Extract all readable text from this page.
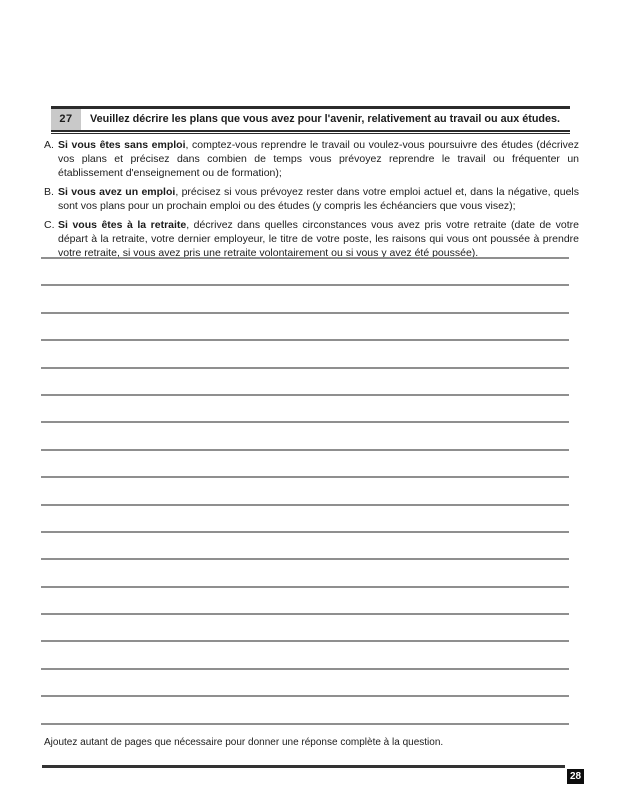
27	Veuillez décrire les plans que vous avez pour l'avenir, relativement au travail ou aux études.
A. Si vous êtes sans emploi, comptez-vous reprendre le travail ou voulez-vous poursuivre des études (décrivez vos plans et précisez dans combien de temps vous prévoyez reprendre le travail ou fréquenter un établissement d'enseignement ou de formation);
B. Si vous avez un emploi, précisez si vous prévoyez rester dans votre emploi actuel et, dans la négative, quels sont vos plans pour un prochain emploi ou des études (y compris les échéanciers que vous visez);
C. Si vous êtes à la retraite, décrivez dans quelles circonstances vous avez pris votre retraite (date de votre départ à la retraite, votre dernier employeur, le titre de votre poste, les raisons qui vous ont poussée à prendre votre retraite, si vous avez pris une retraite volontairement ou si vous y avez été poussée).
Ajoutez autant de pages que nécessaire pour donner une réponse complète à la question.
28
